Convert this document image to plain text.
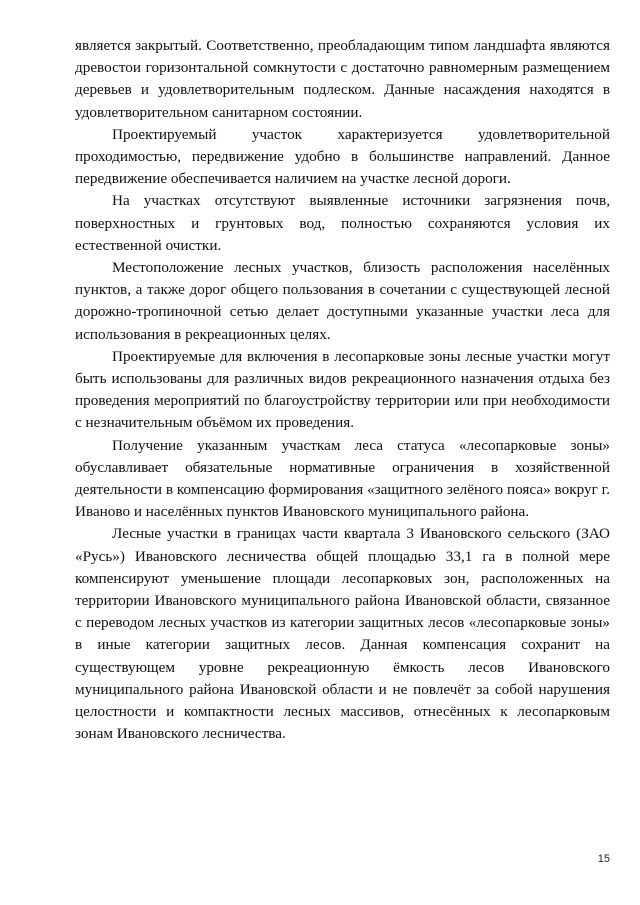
является закрытый. Соответственно, преобладающим типом ландшафта являются древостои горизонтальной сомкнутости с достаточно равномерным размещением деревьев и удовлетворительным подлеском. Данные насаждения находятся в удовлетворительном санитарном состоянии.

Проектируемый участок характеризуется удовлетворительной проходимостью, передвижение удобно в большинстве направлений. Данное передвижение обеспечивается наличием на участке лесной дороги.

На участках отсутствуют выявленные источники загрязнения почв, поверхностных и грунтовых вод, полностью сохраняются условия их естественной очистки.

Местоположение лесных участков, близость расположения населённых пунктов, а также дорог общего пользования в сочетании с существующей лесной дорожно-тропиночной сетью делает доступными указанные участки леса для использования в рекреационных целях.

Проектируемые для включения в лесопарковые зоны лесные участки могут быть использованы для различных видов рекреационного назначения отдыха без проведения мероприятий по благоустройству территории или при необходимости с незначительным объёмом их проведения.

Получение указанным участкам леса статуса «лесопарковые зоны» обуславливает обязательные нормативные ограничения в хозяйственной деятельности в компенсацию формирования «защитного зелёного пояса» вокруг г. Иваново и населённых пунктов Ивановского муниципального района.

Лесные участки в границах части квартала 3 Ивановского сельского (ЗАО «Русь») Ивановского лесничества общей площадью 33,1 га в полной мере компенсируют уменьшение площади лесопарковых зон, расположенных на территории Ивановского муниципального района Ивановской области, связанное с переводом лесных участков из категории защитных лесов «лесопарковые зоны» в иные категории защитных лесов. Данная компенсация сохранит на существующем уровне рекреационную ёмкость лесов Ивановского муниципального района Ивановской области и не повлечёт за собой нарушения целостности и компактности лесных массивов, отнесённых к лесопарковым зонам Ивановского лесничества.

15
